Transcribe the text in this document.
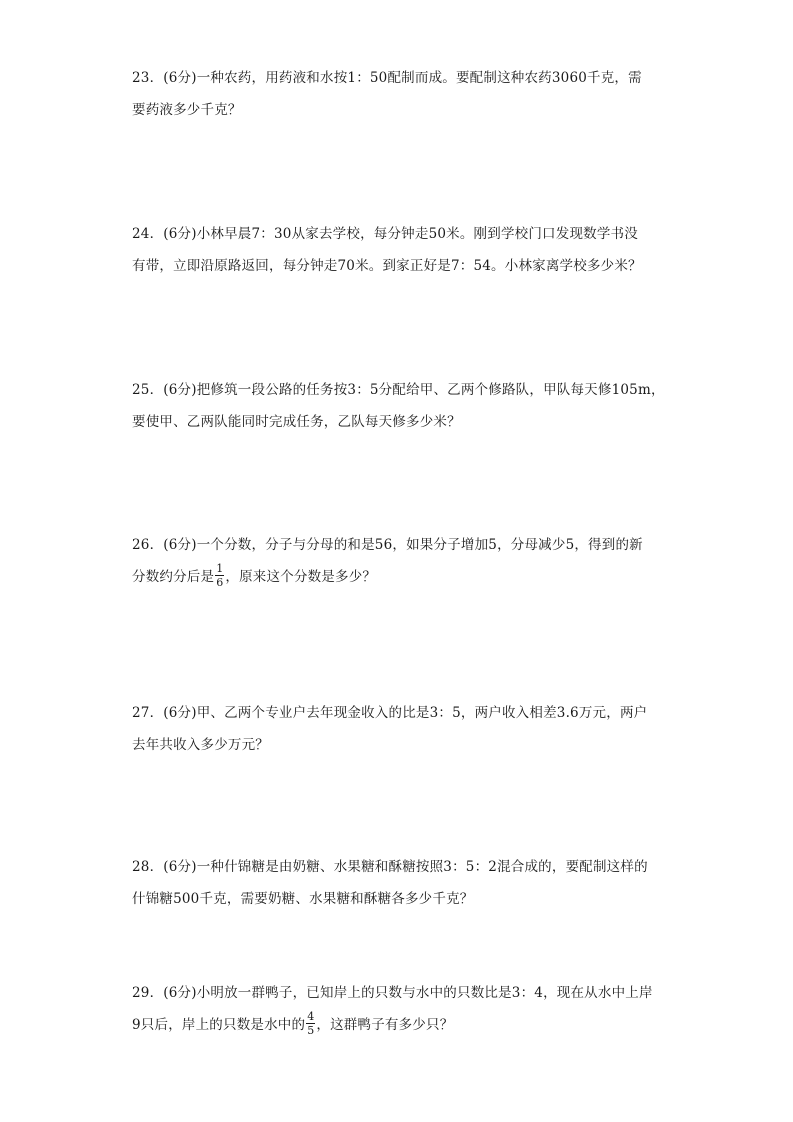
23．(6分)一种农药，用药液和水按1：50配制而成。要配制这种农药3060千克，需
要药液多少千克？
24．(6分)小林早晨7：30从家去学校，每分钟走50米。刚到学校门口发现数学书没
有带，立即沿原路返回，每分钟走70米。到家正好是7：54。小林家离学校多少米？
25．(6分)把修筑一段公路的任务按3：5分配给甲、乙两个修路队，甲队每天修105m，
要使甲、乙两队能同时完成任务，乙队每天修多少米？
26．(6分)一个分数，分子与分母的和是56，如果分子增加5，分母减少5，得到的新
分数约分后是 $\frac{1}{6}$ ，原来这个分数是多少？
27．(6分)甲、乙两个专业户去年现金收入的比是3：5，两户收入相差3.6万元，两户
去年共收入多少万元？
28．(6分)一种什锦糖是由奶糖、水果糖和酥糖按照3：5：2混合成的，要配制这样的
什锦糖500千克，需要奶糖、水果糖和酥糖各多少千克？
29．(6分)小明放一群鸭子，已知岸上的只数与水中的只数比是3：4，现在从水中上岸
9只后，岸上的只数是水中的 $\frac{4}{5}$ ，这群鸭子有多少只？
